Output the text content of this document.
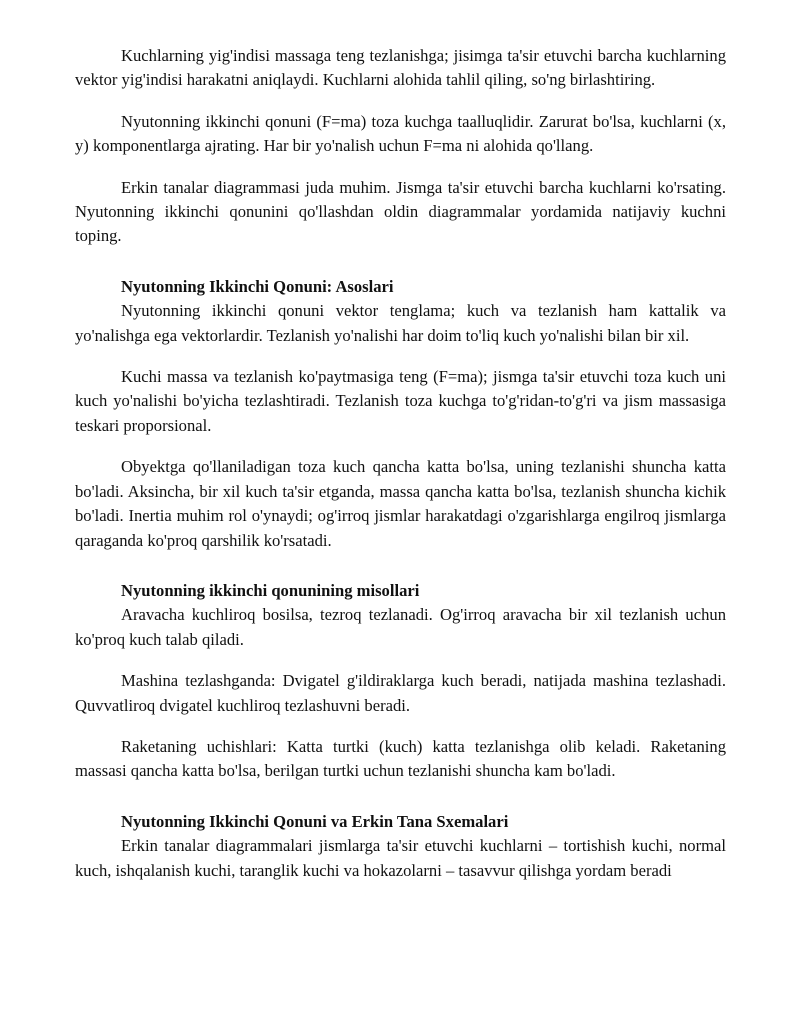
Kuchlarning yig'indisi massaga teng tezlanishga; jisimga ta'sir etuvchi barcha kuchlarning vektor yig'indisi harakatni aniqlaydi. Kuchlarni alohida tahlil qiling, so'ng birlashtiring.

Nyutonning ikkinchi qonuni (F=ma) toza kuchga taalluqlidir. Zarurat bo'lsa, kuchlarni (x, y) komponentlarga ajrating. Har bir yo'nalish uchun F=ma ni alohida qo'llang.

Erkin tanalar diagrammasi juda muhim. Jismga ta'sir etuvchi barcha kuchlarni ko'rsating. Nyutonning ikkinchi qonunini qo'llashdan oldin diagrammalar yordamida natijaviy kuchni toping.

Nyutonning Ikkinchi Qonuni: Asoslari

Nyutonning ikkinchi qonuni vektor tenglama; kuch va tezlanish ham kattalik va yo'nalishga ega vektorlardir. Tezlanish yo'nalishi har doim to'liq kuch yo'nalishi bilan bir xil.

Kuchi massa va tezlanish ko'paytmasiga teng (F=ma); jismga ta'sir etuvchi toza kuch uni kuch yo'nalishi bo'yicha tezlashtiradi. Tezlanish toza kuchga to'g'ridan-to'g'ri va jism massasiga teskari proporsional.

Obyektga qo'llaniladigan toza kuch qancha katta bo'lsa, uning tezlanishi shuncha katta bo'ladi. Aksincha, bir xil kuch ta'sir etganda, massa qancha katta bo'lsa, tezlanish shuncha kichik bo'ladi. Inertia muhim rol o'ynaydi; og'irroq jismlar harakatdagi o'zgarishlarga engilroq jismlarga qaraganda ko'proq qarshilik ko'rsatadi.

Nyutonning ikkinchi qonunining misollari

Aravacha kuchliroq bosilsa, tezroq tezlanadi. Og'irroq aravacha bir xil tezlanish uchun ko'proq kuch talab qiladi.

Mashina tezlashganda: Dvigatel g'ildiraklarga kuch beradi, natijada mashina tezlashadi. Quvvatliroq dvigatel kuchliroq tezlashuvni beradi.

Raketaning uchishlari: Katta turtki (kuch) katta tezlanishga olib keladi. Raketaning massasi qancha katta bo'lsa, berilgan turtki uchun tezlanishi shuncha kam bo'ladi.

Nyutonning Ikkinchi Qonuni va Erkin Tana Sxemalari

Erkin tanalar diagrammalari jismlarga ta'sir etuvchi kuchlarni – tortishish kuchi, normal kuch, ishqalanish kuchi, taranglik kuchi va hokazolarni – tasavvur qilishga yordam beradi
